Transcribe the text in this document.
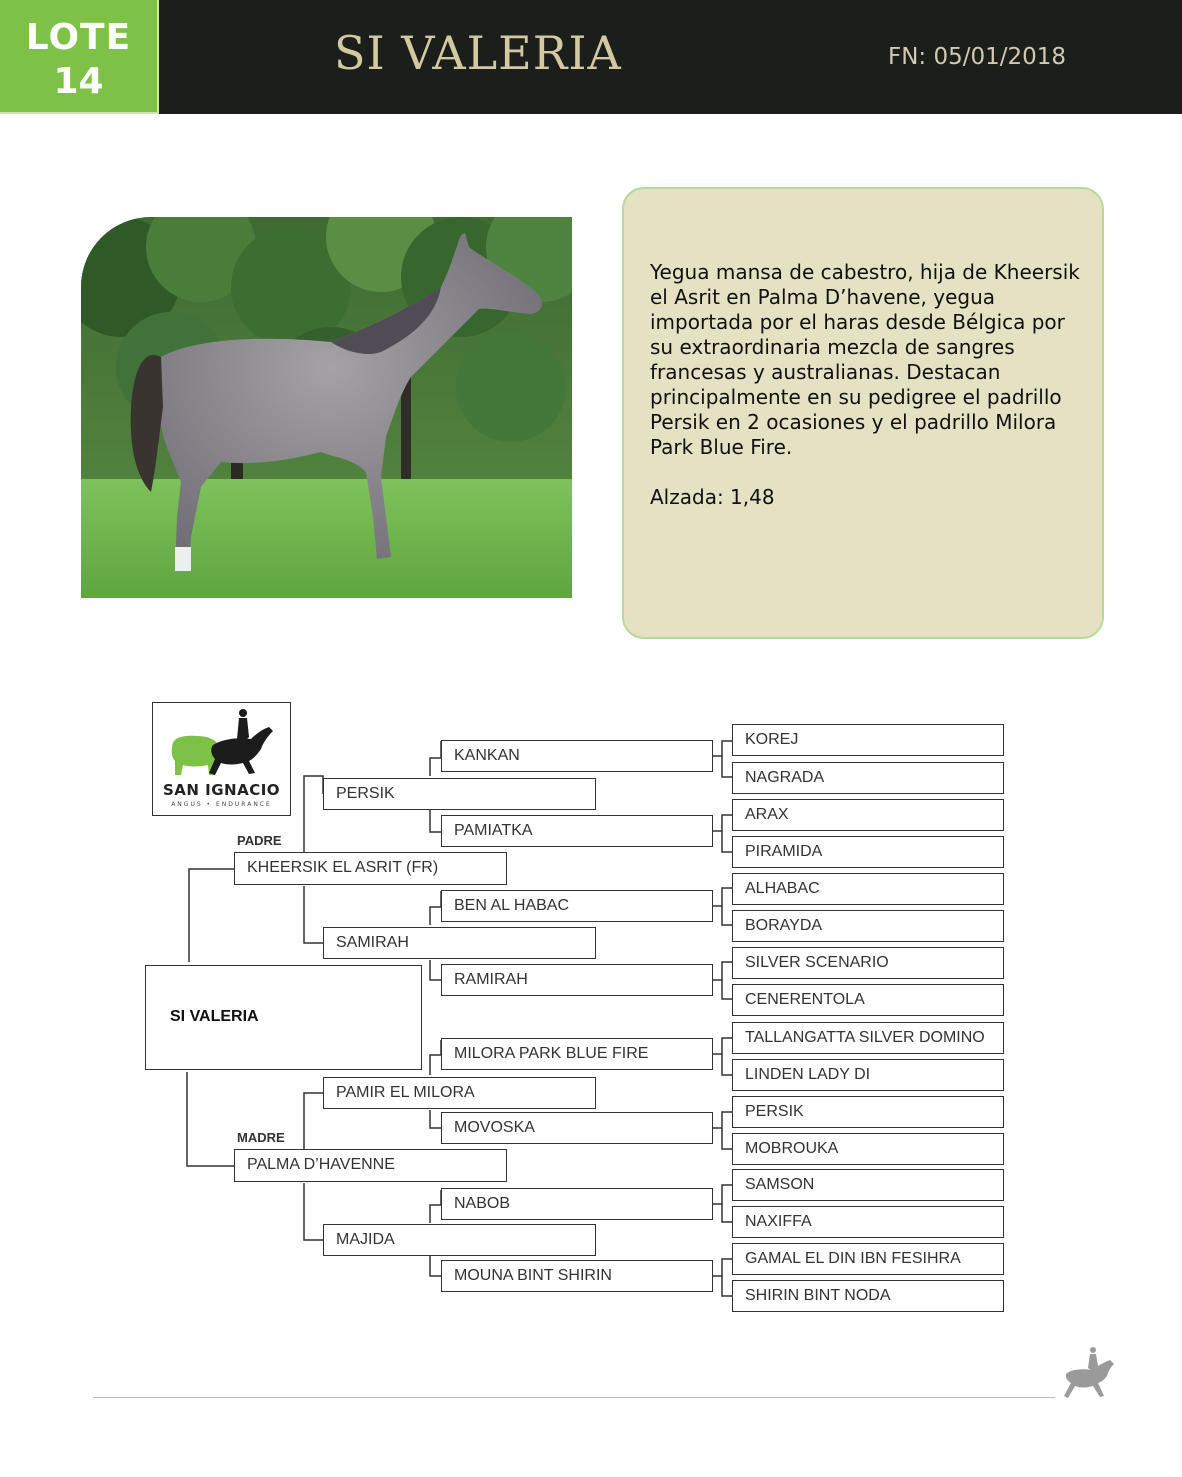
LOTE
14
SI VALERIA	FN: 05/01/2018
Yegua mansa de cabestro, hija de Kheersik el Asrit en Palma D’havene, yegua importada por el haras desde Bélgica por su extraordinaria mezcla de sangres francesas y australianas. Destacan principalmente en su pedigree el padrillo Persik en 2 ocasiones y el padrillo Milora Park Blue Fire.
Alzada: 1,48
SAN IGNACIO
ANGUS • ENDURANCE
SI VALERIA
PADRE
KHEERSIK EL ASRIT (FR)
MADRE
PALMA D’HAVENNE
PERSIK
SAMIRAH
PAMIR EL MILORA
MAJIDA
KANKAN
PAMIATKA
BEN AL HABAC
RAMIRAH
MILORA PARK BLUE FIRE
MOVOSKA
NABOB
MOUNA BINT SHIRIN
KOREJ
NAGRADA
ARAX
PIRAMIDA
ALHABAC
BORAYDA
SILVER SCENARIO
CENERENTOLA
TALLANGATTA SILVER DOMINO
LINDEN LADY DI
PERSIK
MOBROUKA
SAMSON
NAXIFFA
GAMAL EL DIN IBN FESIHRA
SHIRIN BINT NODA
